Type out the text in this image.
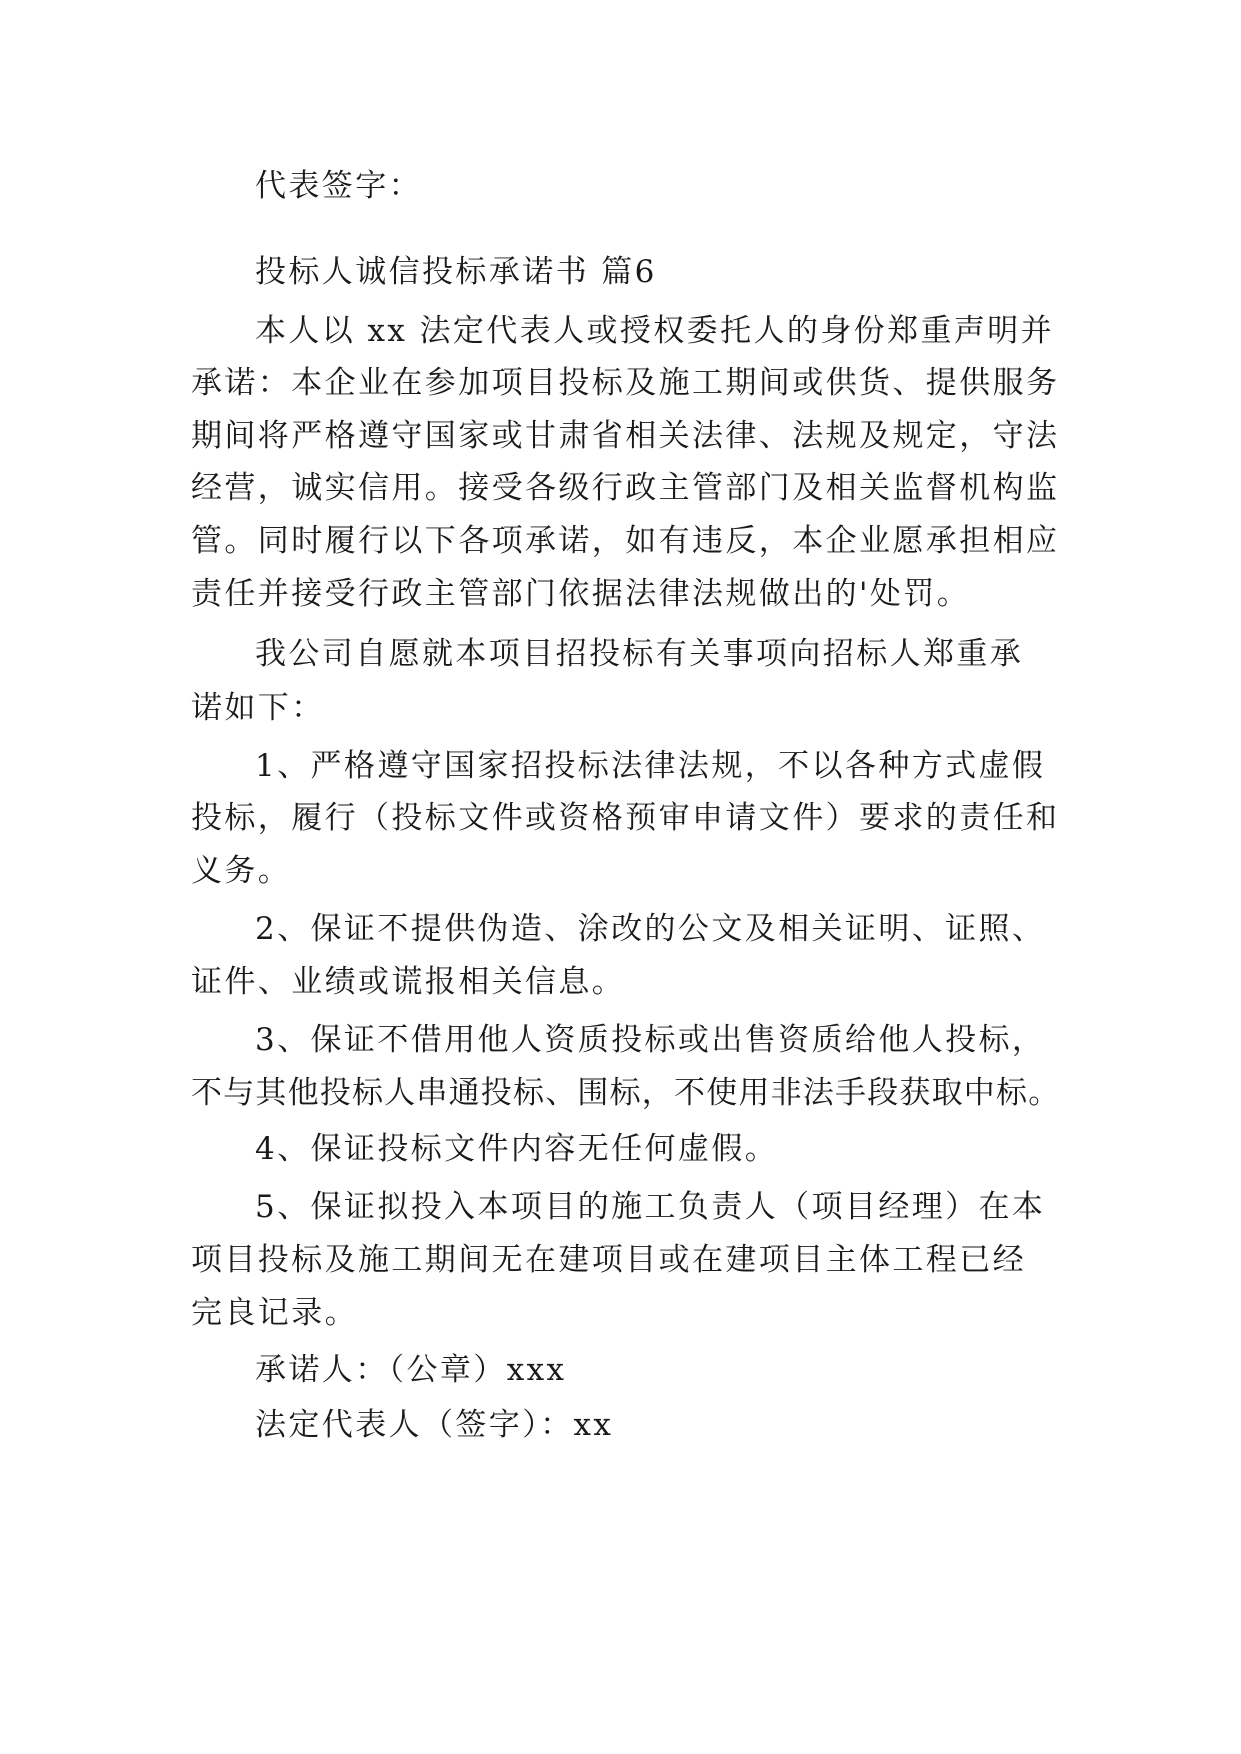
代表签字：
投标人诚信投标承诺书 篇6
本人以 xx 法定代表人或授权委托人的身份郑重声明并
承诺：本企业在参加项目投标及施工期间或供货、提供服务
期间将严格遵守国家或甘肃省相关法律、法规及规定，守法
经营，诚实信用。接受各级行政主管部门及相关监督机构监
管。同时履行以下各项承诺，如有违反，本企业愿承担相应
责任并接受行政主管部门依据法律法规做出的'处罚。
我公司自愿就本项目招投标有关事项向招标人郑重承
诺如下：
1、严格遵守国家招投标法律法规，不以各种方式虚假
投标，履行（投标文件或资格预审申请文件）要求的责任和
义务。
2、保证不提供伪造、涂改的公文及相关证明、证照、
证件、业绩或谎报相关信息。
3、保证不借用他人资质投标或出售资质给他人投标，
不与其他投标人串通投标、围标，不使用非法手段获取中标。
4、保证投标文件内容无任何虚假。
5、保证拟投入本项目的施工负责人（项目经理）在本
项目投标及施工期间无在建项目或在建项目主体工程已经
完良记录。
承诺人：（公章）xxx
法定代表人（签字）：xx
